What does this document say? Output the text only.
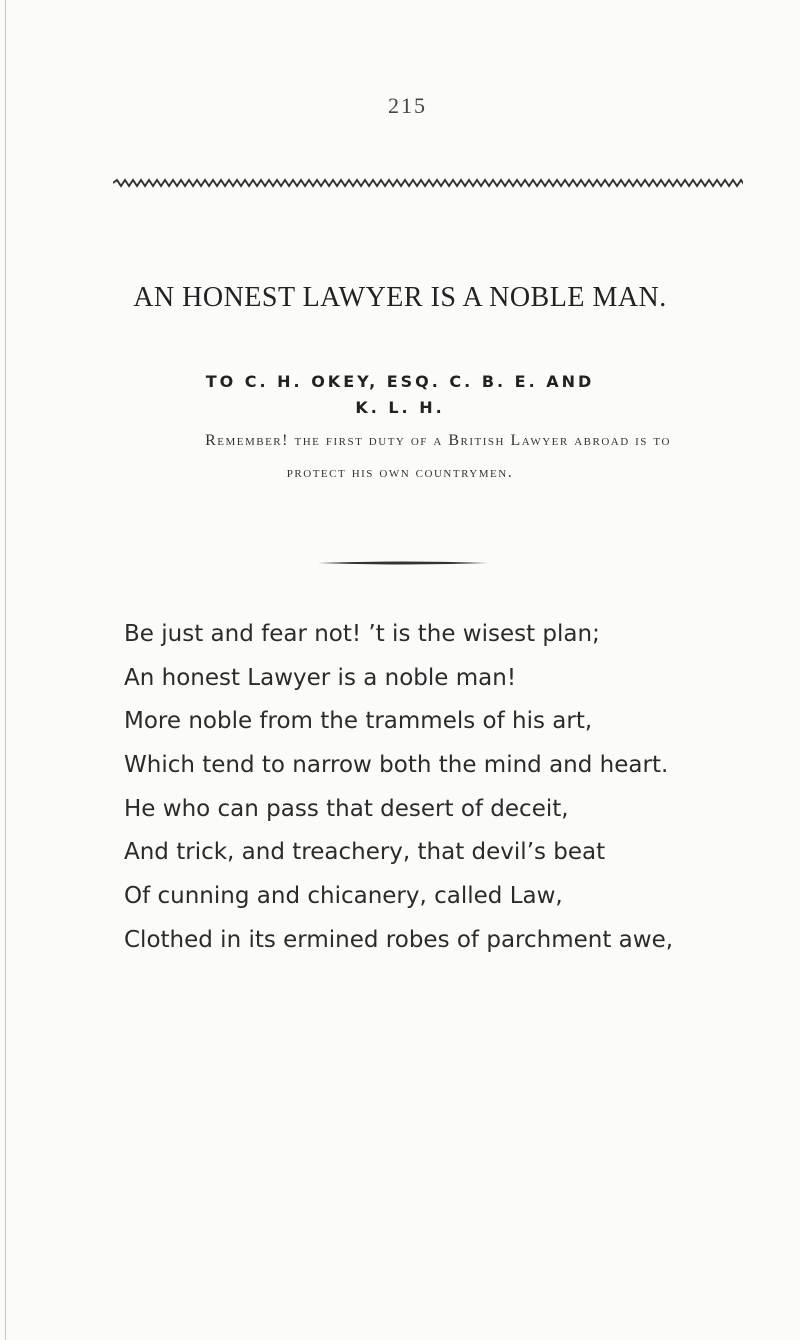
215
AN HONEST LAWYER IS A NOBLE MAN.
TO C. H. OKEY, ESQ. C. B. E. AND
K. L. H.
Remember! the first duty of a British Lawyer abroad is to
protect his own countrymen.
Be just and fear not! ’t is the wisest plan;
An honest Lawyer is a noble man!
More noble from the trammels of his art,
Which tend to narrow both the mind and heart.
He who can pass that desert of deceit,
And trick, and treachery, that devil’s beat
Of cunning and chicanery, called Law,
Clothed in its ermined robes of parchment awe,
